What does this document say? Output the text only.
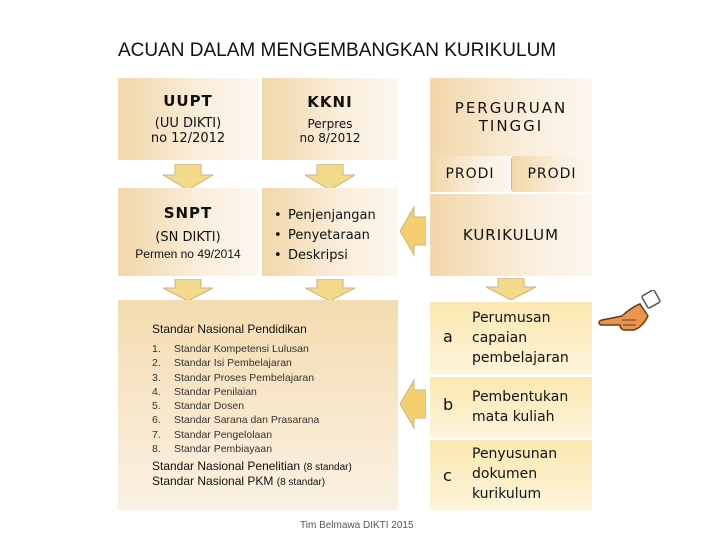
ACUAN DALAM MENGEMBANGKAN KURIKULUM
UUPT
(UU DIKTI)
no 12/2012
KKNI
Perpres
no 8/2012
PERGURUAN
TINGGI
PRODI PRODI
SNPT
(SN DIKTI)
Permen no 49/2014
• Penjenjangan
• Penyetaraan
• Deskripsi
KURIKULUM
Standar Nasional Pendidikan
1.	Standar Kompetensi Lulusan
2.	Standar Isi Pembelajaran
3.	Standar Proses Pembelajaran
4.	Standar Penilaian
5.	Standar Dosen
6.	Standar Sarana dan Prasarana
7.	Standar Pengelolaan
8.	Standar Pembiayaan
Standar Nasional Penelitian (8 standar)
Standar Nasional PKM (8 standar)
a
Perumusan
capaian
pembelajaran
b Pembentukan
mata kuliah
c
Penyusunan
dokumen
kurikulum
Tim Belmawa DIKTI 2015
